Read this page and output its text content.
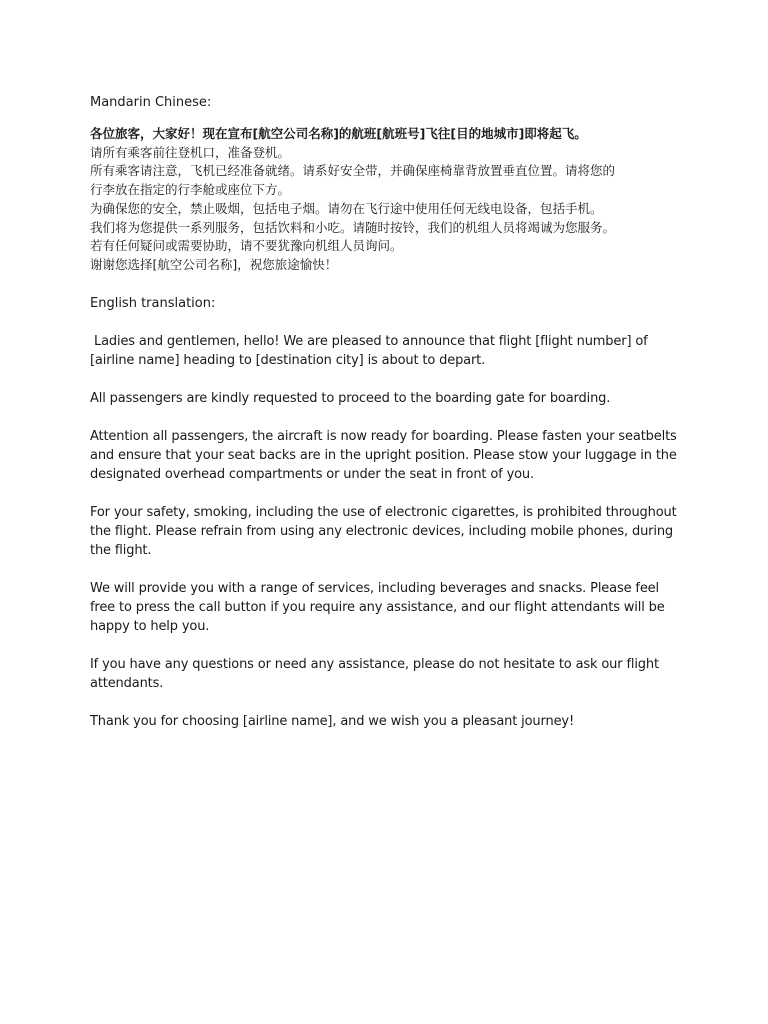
Mandarin Chinese:

各位旅客，大家好！现在宣布[航空公司名称]的航班[航班号]飞往[目的地城市]即将起飞。

请所有乘客前往登机口，准备登机。

所有乘客请注意，飞机已经准备就绪。请系好安全带，并确保座椅靠背放置垂直位置。请将您的

行李放在指定的行李舱或座位下方。

为确保您的安全，禁止吸烟，包括电子烟。请勿在飞行途中使用任何无线电设备，包括手机。

我们将为您提供一系列服务，包括饮料和小吃。请随时按铃，我们的机组人员将竭诚为您服务。

若有任何疑问或需要协助，请不要犹豫向机组人员询问。

谢谢您选择[航空公司名称]，祝您旅途愉快！

English translation:

Ladies and gentlemen, hello! We are pleased to announce that flight [flight number] of [airline name] heading to [destination city] is about to depart.

All passengers are kindly requested to proceed to the boarding gate for boarding.

Attention all passengers, the aircraft is now ready for boarding. Please fasten your seatbelts and ensure that your seat backs are in the upright position. Please stow your luggage in the designated overhead compartments or under the seat in front of you.

For your safety, smoking, including the use of electronic cigarettes, is prohibited throughout the flight. Please refrain from using any electronic devices, including mobile phones, during the flight.

We will provide you with a range of services, including beverages and snacks. Please feel free to press the call button if you require any assistance, and our flight attendants will be happy to help you.

If you have any questions or need any assistance, please do not hesitate to ask our flight attendants.

Thank you for choosing [airline name], and we wish you a pleasant journey!
